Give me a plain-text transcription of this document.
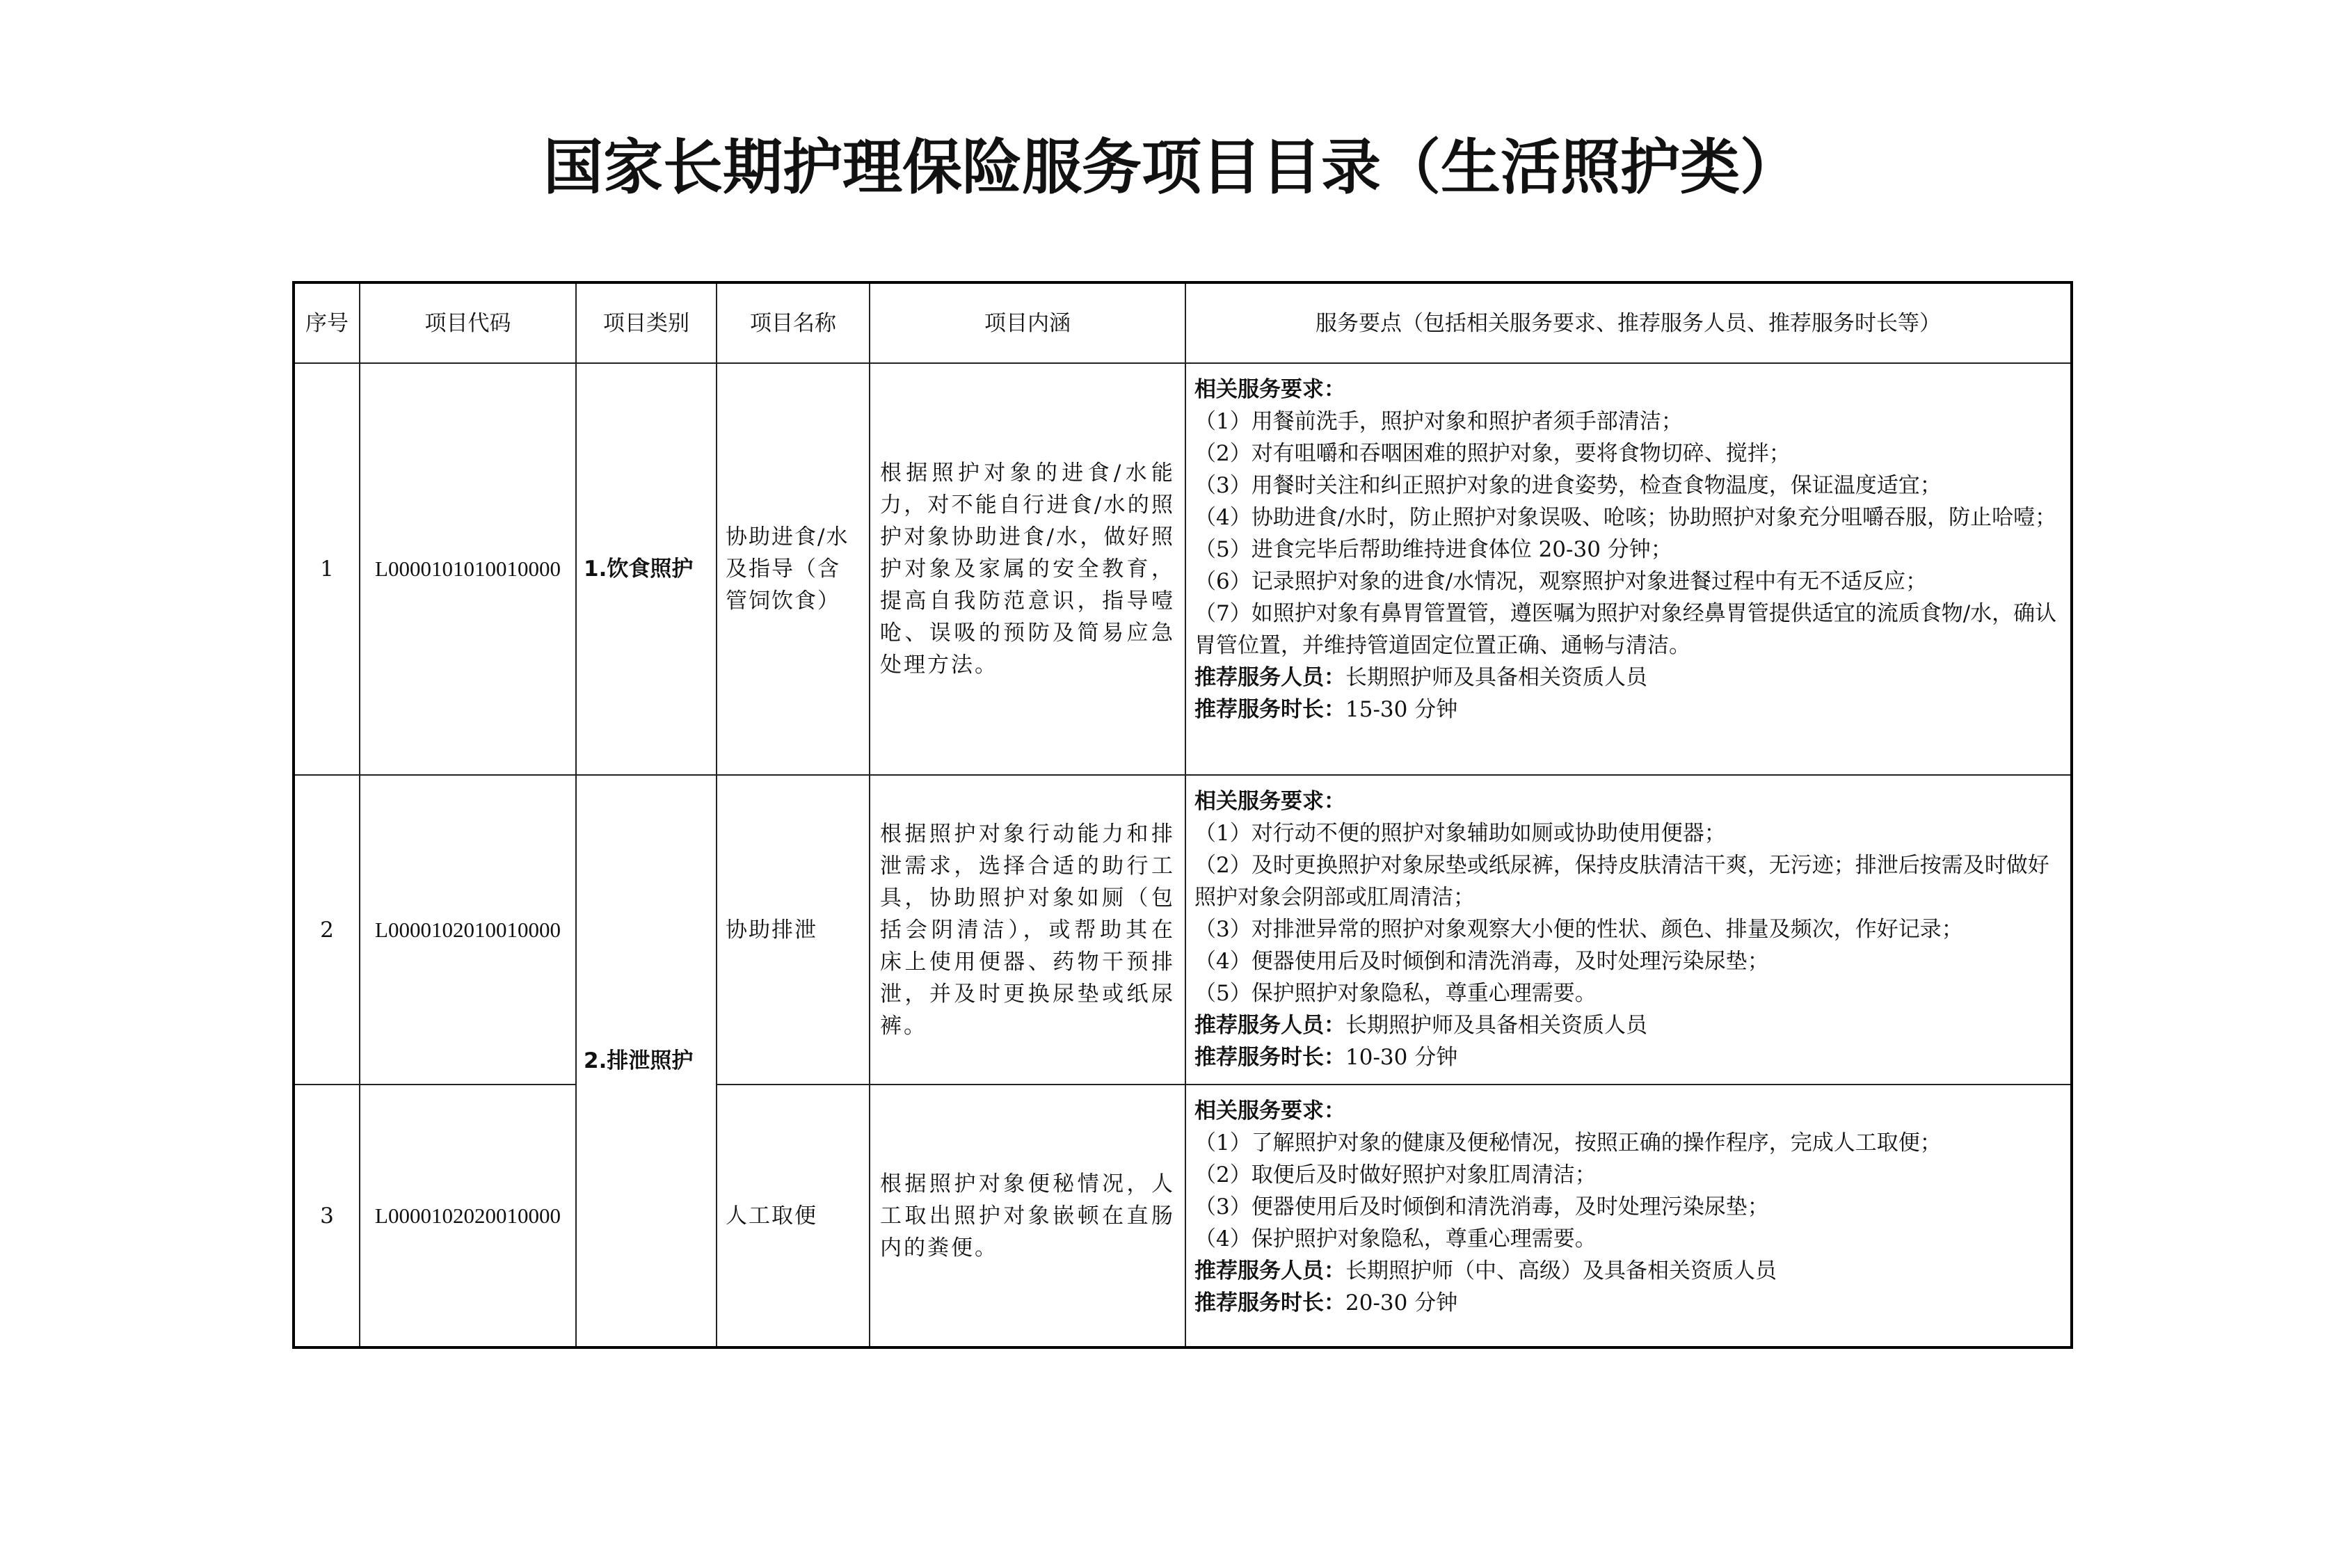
国家长期护理保险服务项目目录（生活照护类）
序号	项目代码	项目类别	项目名称	项目内涵	服务要点（包括相关服务要求、推荐服务人员、推荐服务时长等）
1	L0000101010010000	1.饮食照护	协助进食/水及指导（含管饲饮食）	根据照护对象的进食/水能力，对不能自行进食/水的照护对象协助进食/水，做好照护对象及家属的安全教育，提高自我防范意识，指导噎呛、误吸的预防及简易应急处理方法。	
相关服务要求：
（1）用餐前洗手，照护对象和照护者须手部清洁；
（2）对有咀嚼和吞咽困难的照护对象，要将食物切碎、搅拌；
（3）用餐时关注和纠正照护对象的进食姿势，检查食物温度，保证温度适宜；
（4）协助进食/水时，防止照护对象误吸、呛咳；协助照护对象充分咀嚼吞服，防止哈噎；
（5）进食完毕后帮助维持进食体位 20-30 分钟；
（6）记录照护对象的进食/水情况，观察照护对象进餐过程中有无不适反应；
（7）如照护对象有鼻胃管置管，遵医嘱为照护对象经鼻胃管提供适宜的流质食物/水，确认胃管位置，并维持管道固定位置正确、通畅与清洁。
推荐服务人员：长期照护师及具备相关资质人员
推荐服务时长：15-30 分钟

2	L0000102010010000	2.排泄照护	协助排泄	根据照护对象行动能力和排泄需求，选择合适的助行工具，协助照护对象如厕（包括会阴清洁），或帮助其在床上使用便器、药物干预排泄，并及时更换尿垫或纸尿裤。	
相关服务要求：
（1）对行动不便的照护对象辅助如厕或协助使用便器；
（2）及时更换照护对象尿垫或纸尿裤，保持皮肤清洁干爽，无污迹；排泄后按需及时做好照护对象会阴部或肛周清洁；
（3）对排泄异常的照护对象观察大小便的性状、颜色、排量及频次，作好记录；
（4）便器使用后及时倾倒和清洗消毒，及时处理污染尿垫；
（5）保护照护对象隐私，尊重心理需要。
推荐服务人员：长期照护师及具备相关资质人员
推荐服务时长：10-30 分钟

3	L0000102020010000	人工取便	根据照护对象便秘情况，人工取出照护对象嵌顿在直肠内的粪便。	
相关服务要求：
（1）了解照护对象的健康及便秘情况，按照正确的操作程序，完成人工取便；
（2）取便后及时做好照护对象肛周清洁；
（3）便器使用后及时倾倒和清洗消毒，及时处理污染尿垫；
（4）保护照护对象隐私，尊重心理需要。
推荐服务人员：长期照护师（中、高级）及具备相关资质人员
推荐服务时长：20-30 分钟
